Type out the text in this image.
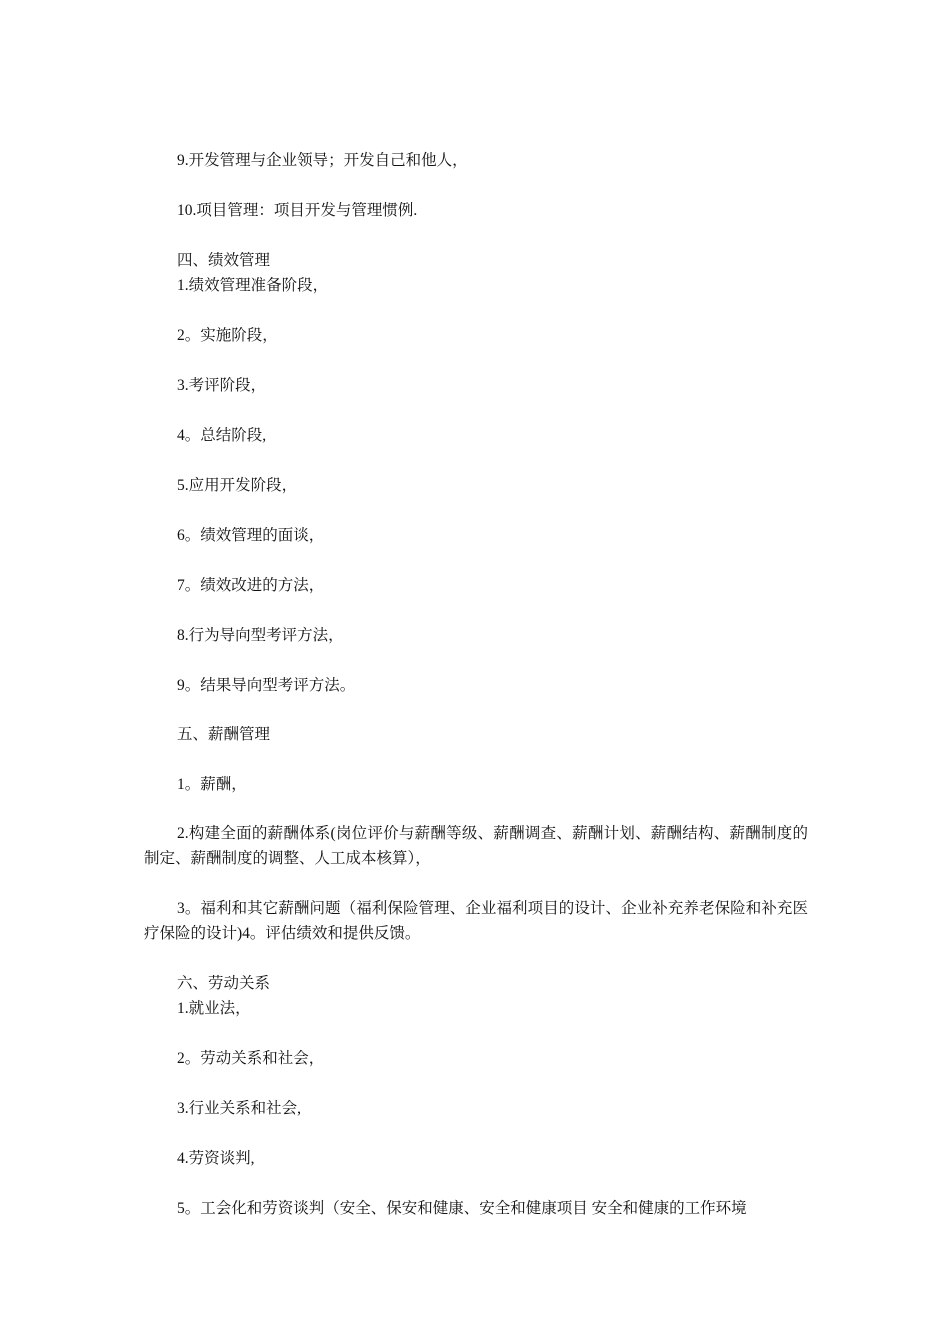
9.开发管理与企业领导；开发自己和他人，
10.项目管理：项目开发与管理惯例.
四、绩效管理
1.绩效管理准备阶段，
2。实施阶段，
3.考评阶段，
4。总结阶段,
5.应用开发阶段，
6。绩效管理的面谈，
7。绩效改进的方法，
8.行为导向型考评方法，
9。结果导向型考评方法。
五、薪酬管理
1。薪酬，
2.构建全面的薪酬体系(岗位评价与薪酬等级、薪酬调查、薪酬计划、薪酬结构、薪酬制度的制定、薪酬制度的调整、人工成本核算），
3。福利和其它薪酬问题（福利保险管理、企业福利项目的设计、企业补充养老保险和补充医疗保险的设计)4。评估绩效和提供反馈。
六、劳动关系
1.就业法，
2。劳动关系和社会，
3.行业关系和社会,
4.劳资谈判,
5。工会化和劳资谈判（安全、保安和健康、安全和健康项目 安全和健康的工作环境
